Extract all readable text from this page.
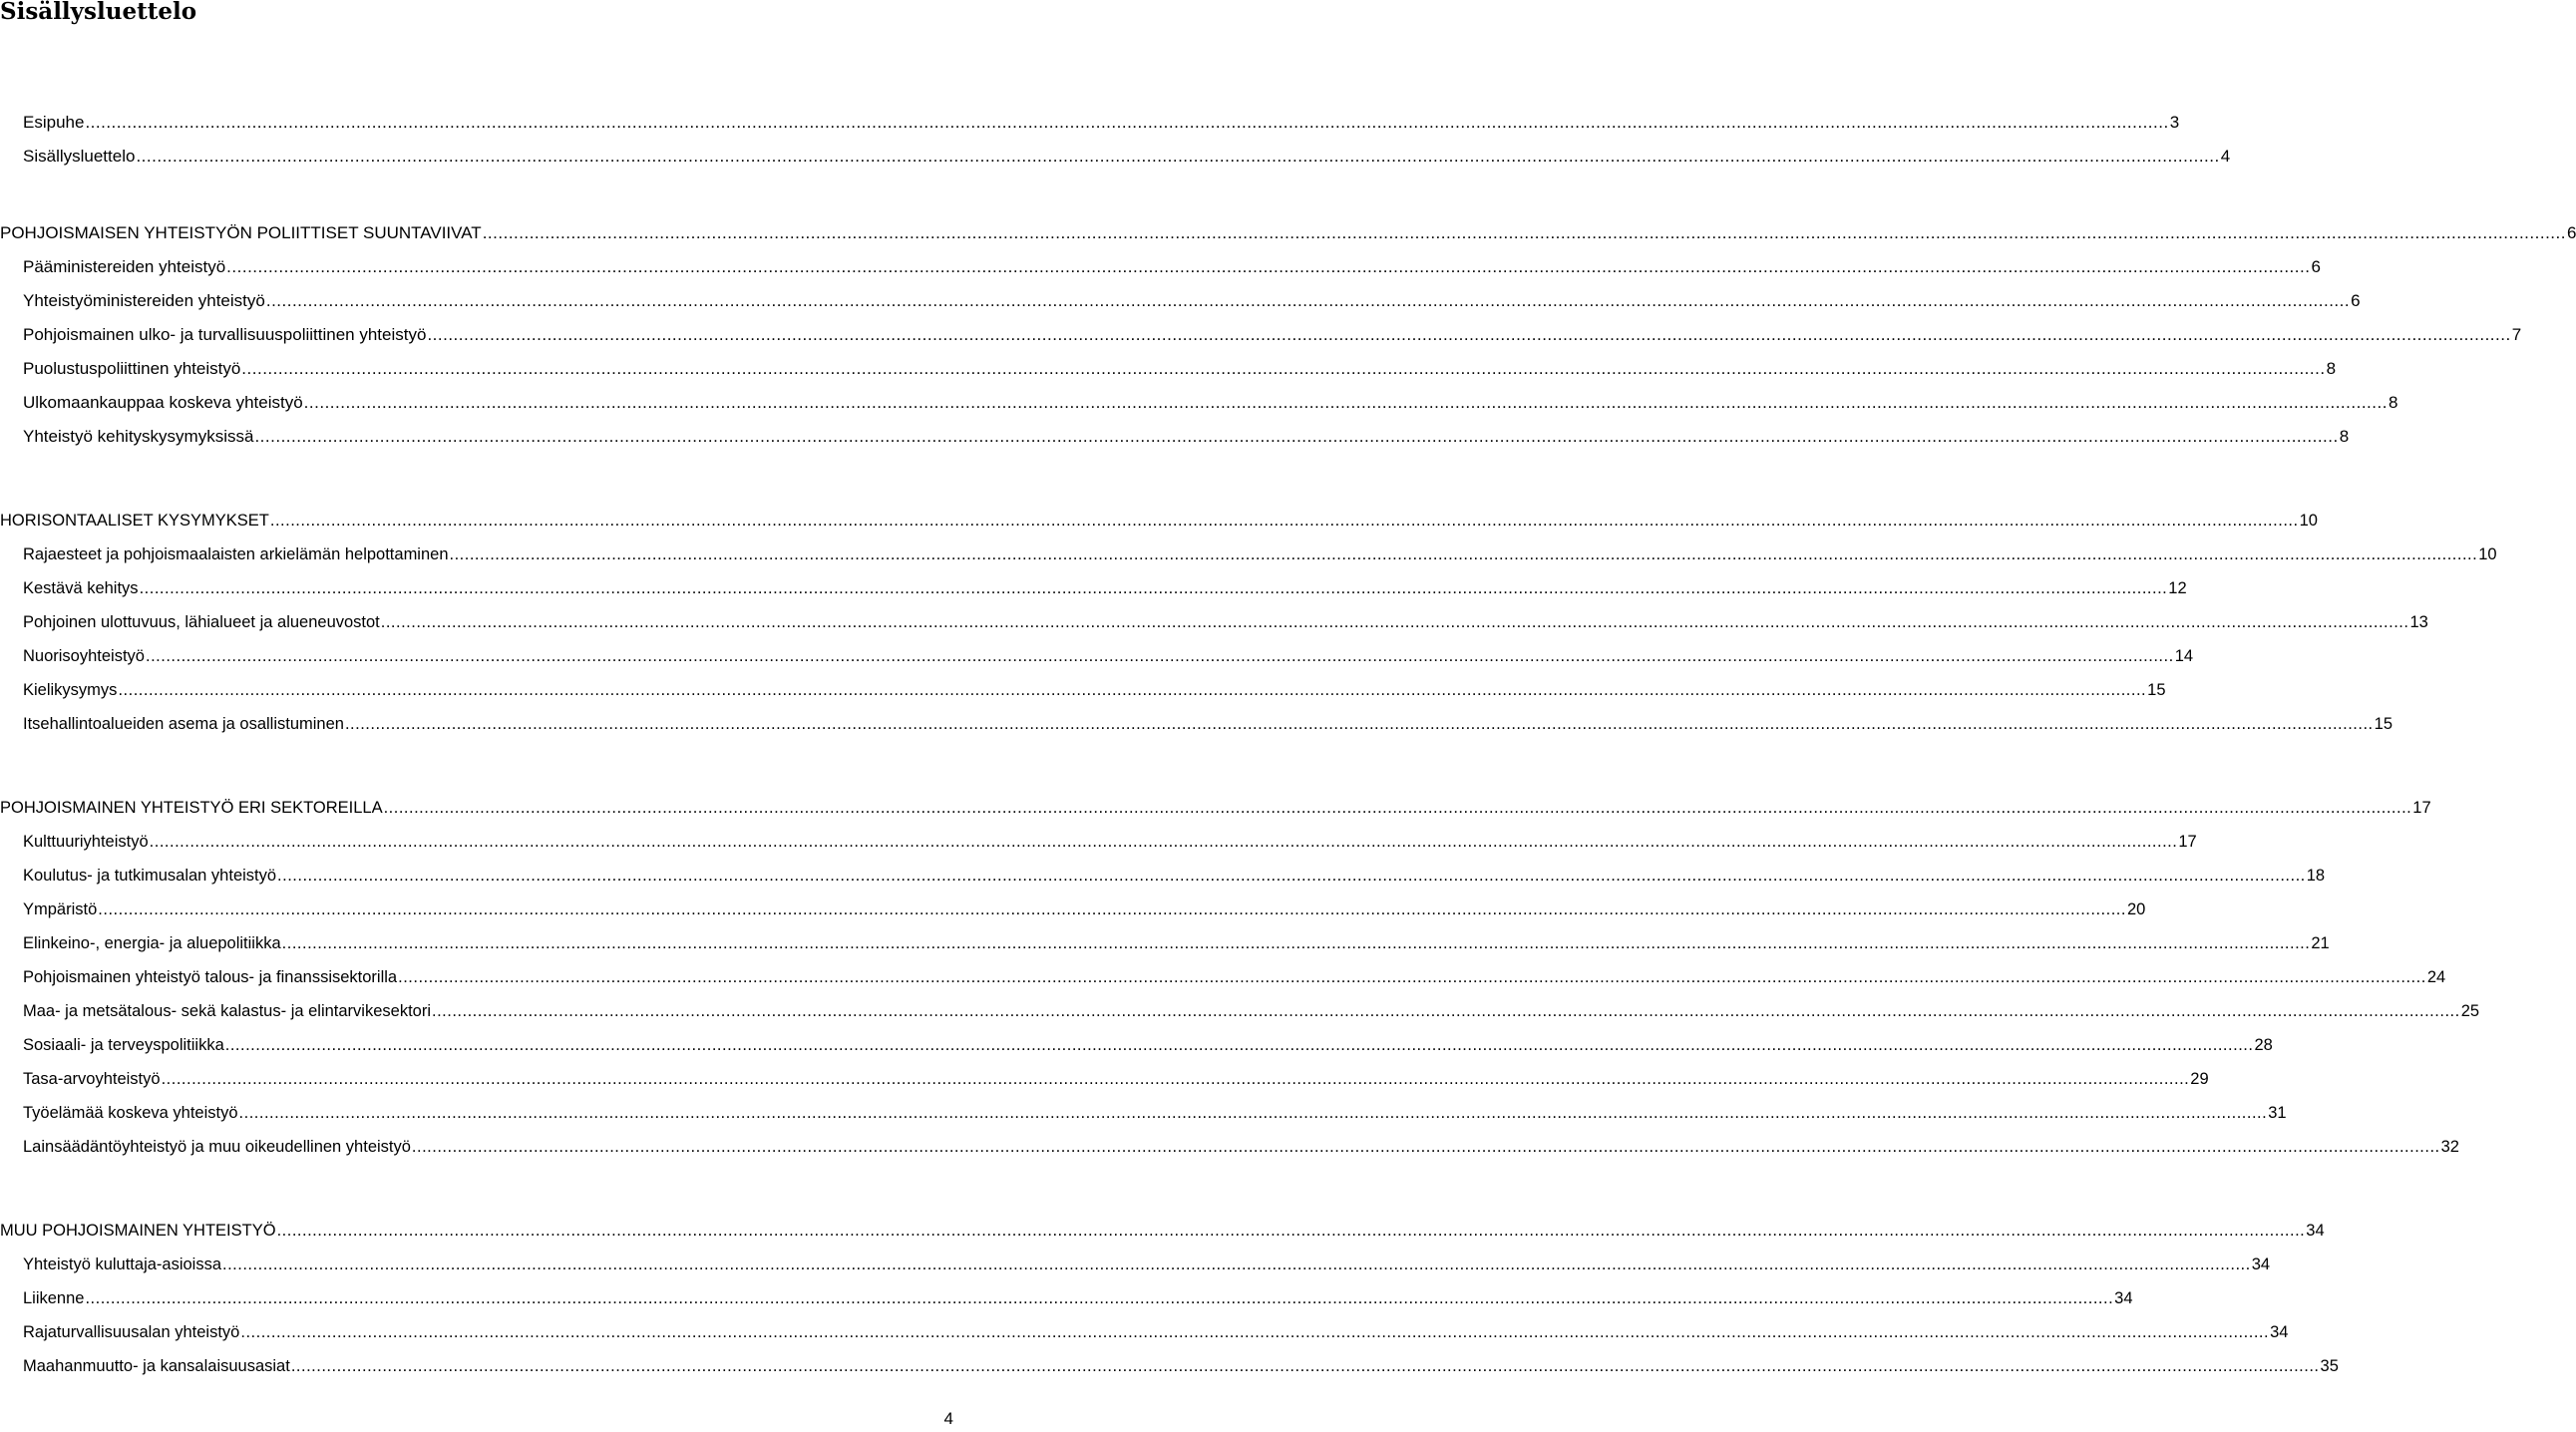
Sisällysluettelo
Esipuhe ................................................................................................................................................................................................................................................................................................................................................................................................................ 3
Sisällysluettelo ................................................................................................................................................................................................................................................................................................................................................................................................................ 4
POHJOISMAISEN YHTEISTYÖN POLIITTISET SUUNTAVIIVAT ................................................................................................................................................................................................................................................................................................................................................................................................................ 6
Pääministereiden yhteistyö ................................................................................................................................................................................................................................................................................................................................................................................................................ 6
Yhteistyöministereiden yhteistyö ................................................................................................................................................................................................................................................................................................................................................................................................................ 6
Pohjoismainen ulko- ja turvallisuuspoliittinen yhteistyö ................................................................................................................................................................................................................................................................................................................................................................................................................ 7
Puolustuspoliittinen yhteistyö ................................................................................................................................................................................................................................................................................................................................................................................................................ 8
Ulkomaankauppaa koskeva yhteistyö ................................................................................................................................................................................................................................................................................................................................................................................................................ 8
Yhteistyö kehityskysymyksissä ................................................................................................................................................................................................................................................................................................................................................................................................................ 8
HORISONTAALISET KYSYMYKSET ................................................................................................................................................................................................................................................................................................................................................................................................................ 10
Rajaesteet ja pohjoismaalaisten arkielämän helpottaminen ................................................................................................................................................................................................................................................................................................................................................................................................................ 10
Kestävä kehitys ................................................................................................................................................................................................................................................................................................................................................................................................................ 12
Pohjoinen ulottuvuus, lähialueet ja alueneuvostot ................................................................................................................................................................................................................................................................................................................................................................................................................ 13
Nuorisoyhteistyö ................................................................................................................................................................................................................................................................................................................................................................................................................ 14
Kielikysymys ................................................................................................................................................................................................................................................................................................................................................................................................................ 15
Itsehallintoalueiden asema ja osallistuminen ................................................................................................................................................................................................................................................................................................................................................................................................................ 15
POHJOISMAINEN YHTEISTYÖ ERI SEKTOREILLA ................................................................................................................................................................................................................................................................................................................................................................................................................ 17
Kulttuuriyhteistyö ................................................................................................................................................................................................................................................................................................................................................................................................................ 17
Koulutus- ja tutkimusalan yhteistyö ................................................................................................................................................................................................................................................................................................................................................................................................................ 18
Ympäristö ................................................................................................................................................................................................................................................................................................................................................................................................................ 20
Elinkeino-, energia- ja aluepolitiikka ................................................................................................................................................................................................................................................................................................................................................................................................................ 21
Pohjoismainen yhteistyö talous- ja finanssisektorilla ................................................................................................................................................................................................................................................................................................................................................................................................................ 24
Maa- ja metsätalous- sekä kalastus- ja elintarvikesektori ................................................................................................................................................................................................................................................................................................................................................................................................................ 25
Sosiaali- ja terveyspolitiikka ................................................................................................................................................................................................................................................................................................................................................................................................................ 28
Tasa-arvoyhteistyö ................................................................................................................................................................................................................................................................................................................................................................................................................ 29
Työelämää koskeva yhteistyö ................................................................................................................................................................................................................................................................................................................................................................................................................ 31
Lainsäädäntöyhteistyö ja muu oikeudellinen yhteistyö ................................................................................................................................................................................................................................................................................................................................................................................................................ 32
MUU POHJOISMAINEN YHTEISTYÖ ................................................................................................................................................................................................................................................................................................................................................................................................................ 34
Yhteistyö kuluttaja-asioissa ................................................................................................................................................................................................................................................................................................................................................................................................................ 34
Liikenne ................................................................................................................................................................................................................................................................................................................................................................................................................ 34
Rajaturvallisuusalan yhteistyö ................................................................................................................................................................................................................................................................................................................................................................................................................ 34
Maahanmuutto- ja kansalaisuusasiat ................................................................................................................................................................................................................................................................................................................................................................................................................ 35
4
